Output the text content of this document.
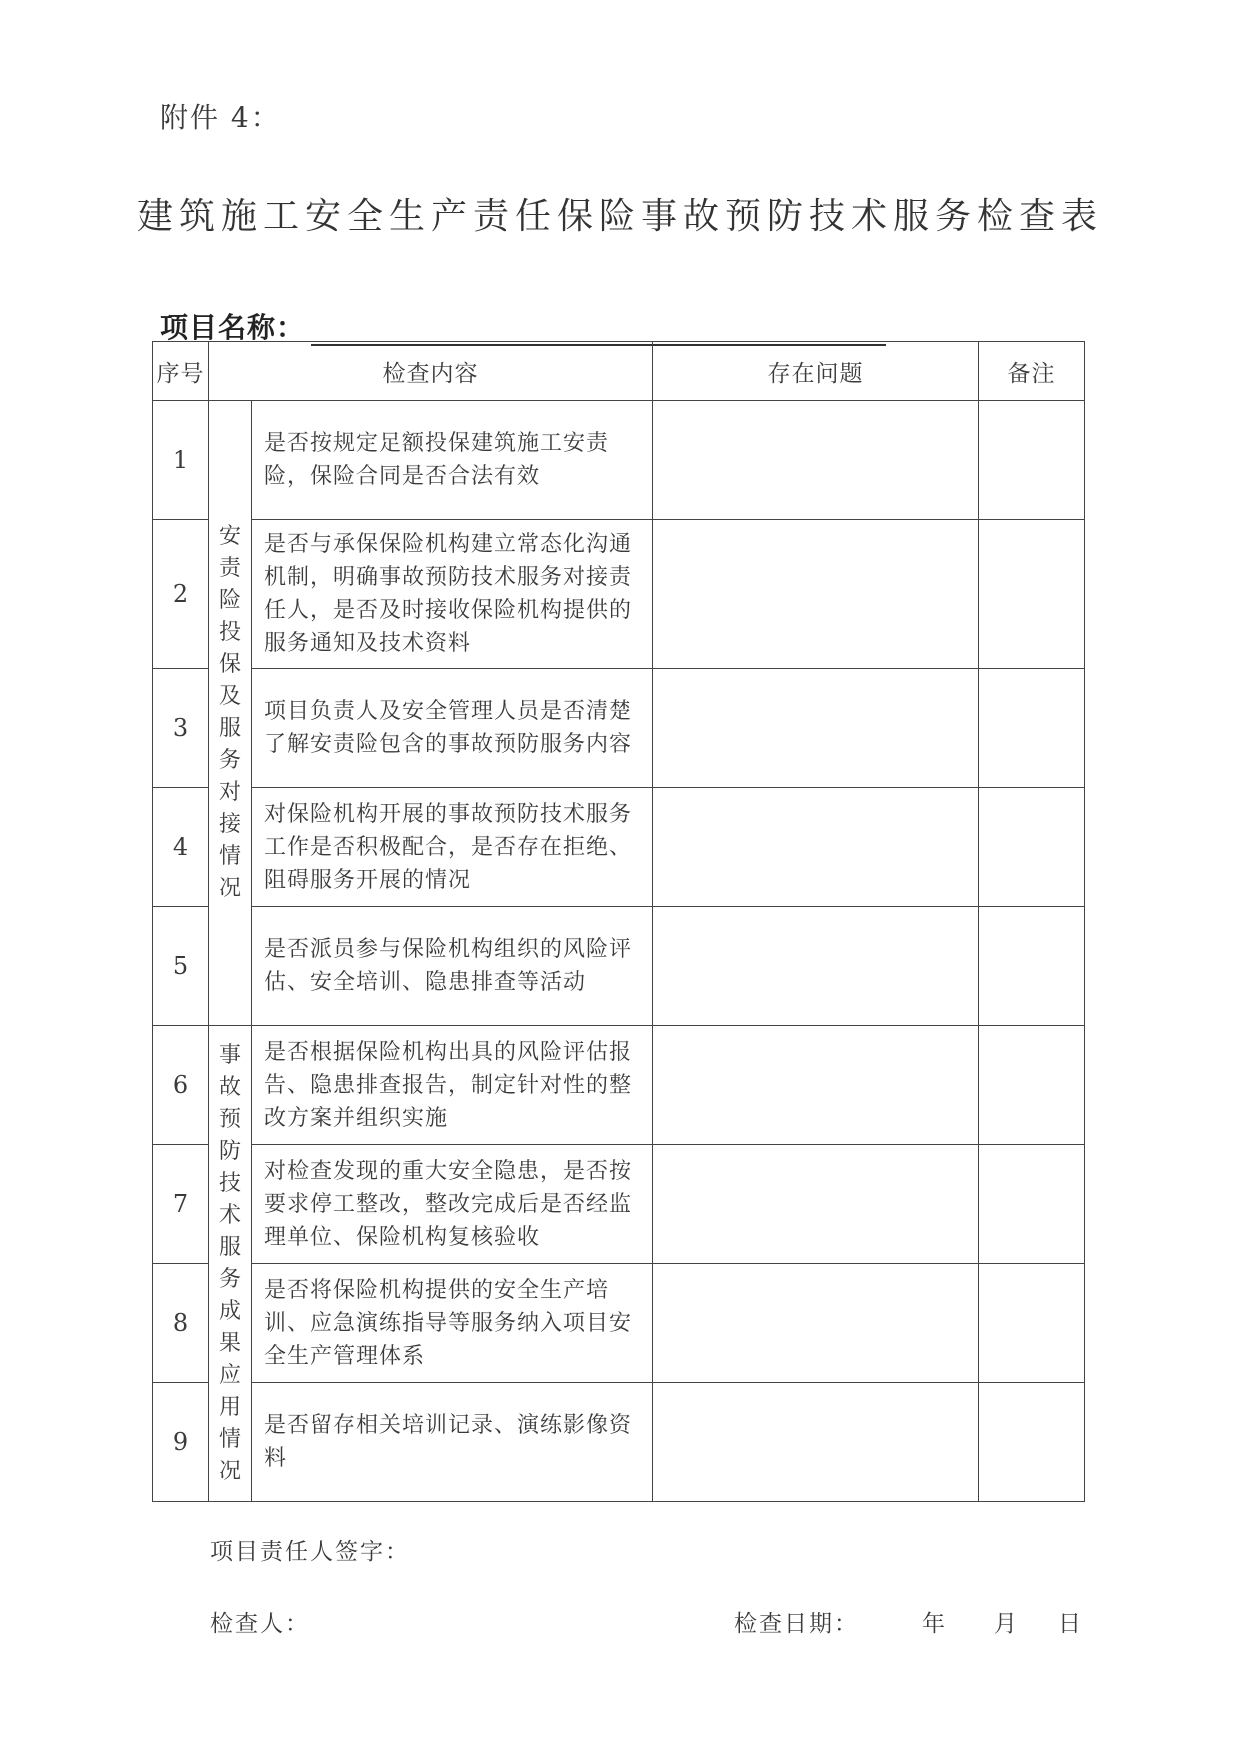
附件 4：
建筑施工安全生产责任保险事故预防技术服务检查表
项目名称：
序号	检查内容		存在问题	备注
1	安责险投保及服务对接情况	是否按规定足额投保建筑施工安责险，保险合同是否合法有效		
2		是否与承保保险机构建立常态化沟通机制，明确事故预防技术服务对接责任人，是否及时接收保险机构提供的服务通知及技术资料		
3		项目负责人及安全管理人员是否清楚了解安责险包含的事故预防服务内容		
4		对保险机构开展的事故预防技术服务工作是否积极配合，是否存在拒绝、阻碍服务开展的情况		
5		是否派员参与保险机构组织的风险评估、安全培训、隐患排查等活动		
6	事故预防技术服务成果应用情况	是否根据保险机构出具的风险评估报告、隐患排查报告，制定针对性的整改方案并组织实施		
7		对检查发现的重大安全隐患，是否按要求停工整改，整改完成后是否经监理单位、保险机构复核验收		
8		是否将保险机构提供的安全生产培训、应急演练指导等服务纳入项目安全生产管理体系		
9		是否留存相关培训记录、演练影像资料		
项目责任人签字：
检查人：	检查日期：	年 月 日
